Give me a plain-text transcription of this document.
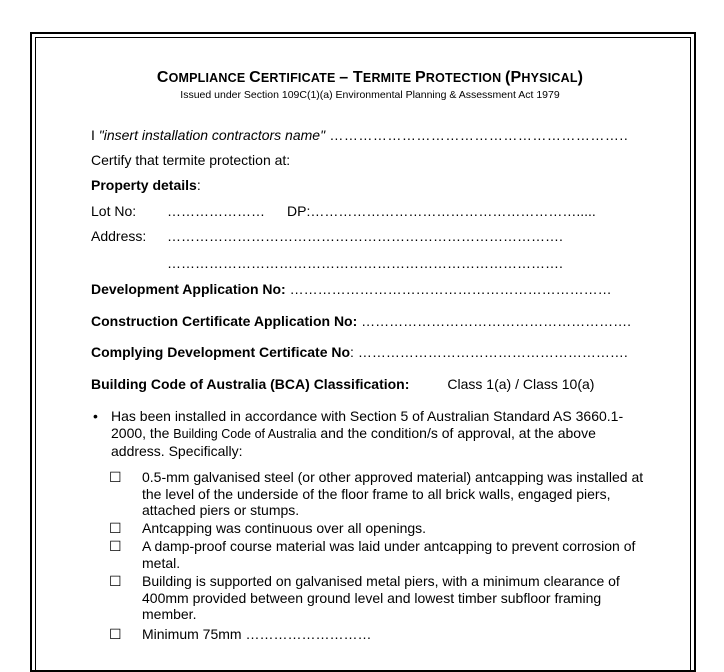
COMPLIANCE CERTIFICATE – TERMITE PROTECTION (PHYSICAL)
Issued under Section 109C(1)(a) Environmental Planning & Assessment Act 1979
I "insert installation contractors name" ……………………………………………………..
Certify that termite protection at:
Property details:
Lot No: ………………… DP:………………………………………………….....
Address: ………………………………………………………………………….
………………………………………………………………………….
Development Application No: ……………………………………………………………
Construction Certificate Application No: ………………………………………………….
Complying Development Certificate No: ………………………………………………….
Building Code of Australia (BCA) Classification:	Class 1(a) / Class 10(a)
• Has been installed in accordance with Section 5 of Australian Standard AS 3660.1-2000, the Building Code of Australia and the condition/s of approval, at the above address. Specifically:
☐ 0.5-mm galvanised steel (or other approved material) antcapping was installed at the level of the underside of the floor frame to all brick walls, engaged piers, attached piers or stumps.
☐ Antcapping was continuous over all openings.
☐ A damp-proof course material was laid under antcapping to prevent corrosion of metal.
☐ Building is supported on galvanised metal piers, with a minimum clearance of 400mm provided between ground level and lowest timber subfloor framing member.
☐ Minimum 75mm ………………………
